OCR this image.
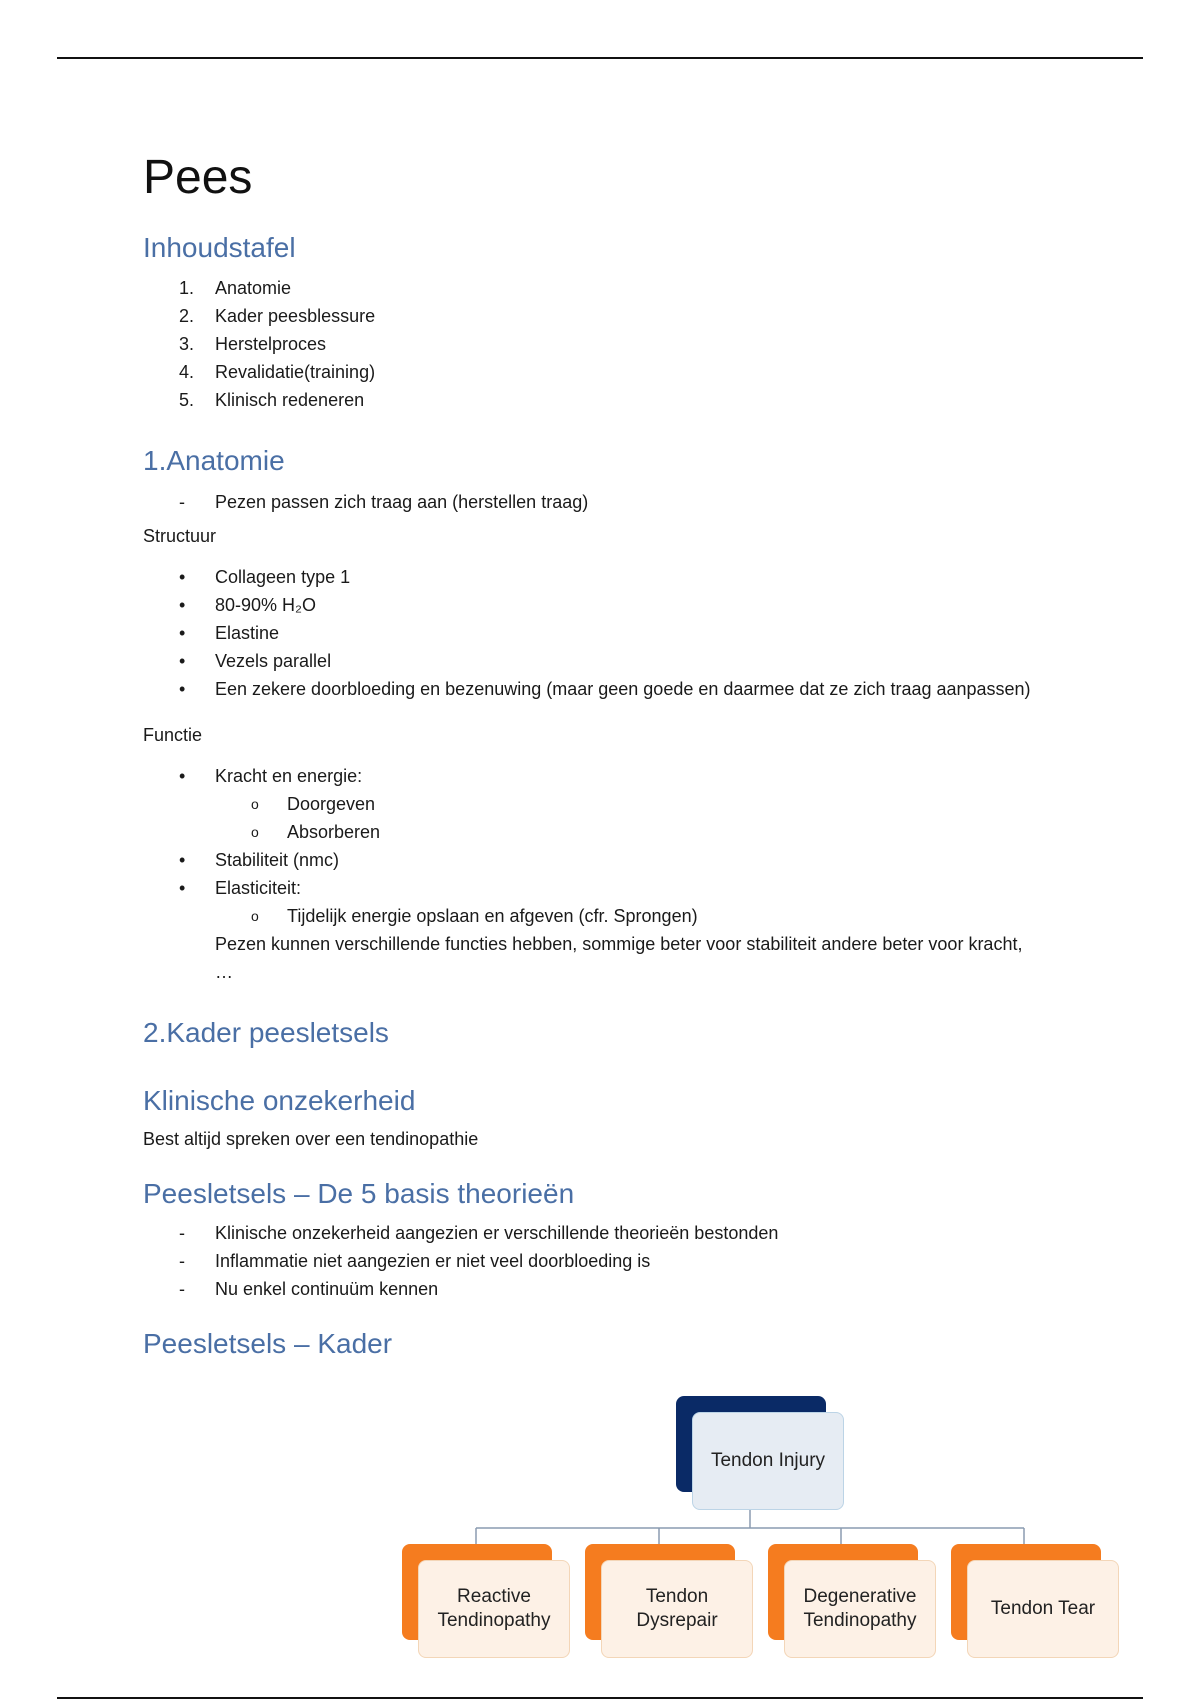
Pees
Inhoudstafel
1.	Anatomie
2.	Kader peesblessure
3.	Herstelproces
4.	Revalidatie(training)
5.	Klinisch redeneren
1.Anatomie
-	Pezen passen zich traag aan (herstellen traag)
Structuur
•	Collageen type 1
•	80-90% H₂O
•	Elastine
•	Vezels parallel
•	Een zekere doorbloeding en bezenuwing (maar geen goede en daarmee dat ze zich traag aanpassen)
Functie
•	Kracht en energie:
o	Doorgeven
o	Absorberen
•	Stabiliteit (nmc)
•	Elasticiteit:
o	Tijdelijk energie opslaan en afgeven (cfr. Sprongen)
Pezen kunnen verschillende functies hebben, sommige beter voor stabiliteit andere beter voor kracht, …
2.Kader peesletsels
Klinische onzekerheid
Best altijd spreken over een tendinopathie
Peesletsels – De 5 basis theorieën
-	Klinische onzekerheid aangezien er verschillende theorieën bestonden
-	Inflammatie niet aangezien er niet veel doorbloeding is
-	Nu enkel continuüm kennen
Peesletsels – Kader
Tendon Injury
Reactive
Tendinopathy
Tendon
Dysrepair
Degenerative
Tendinopathy
Tendon Tear
